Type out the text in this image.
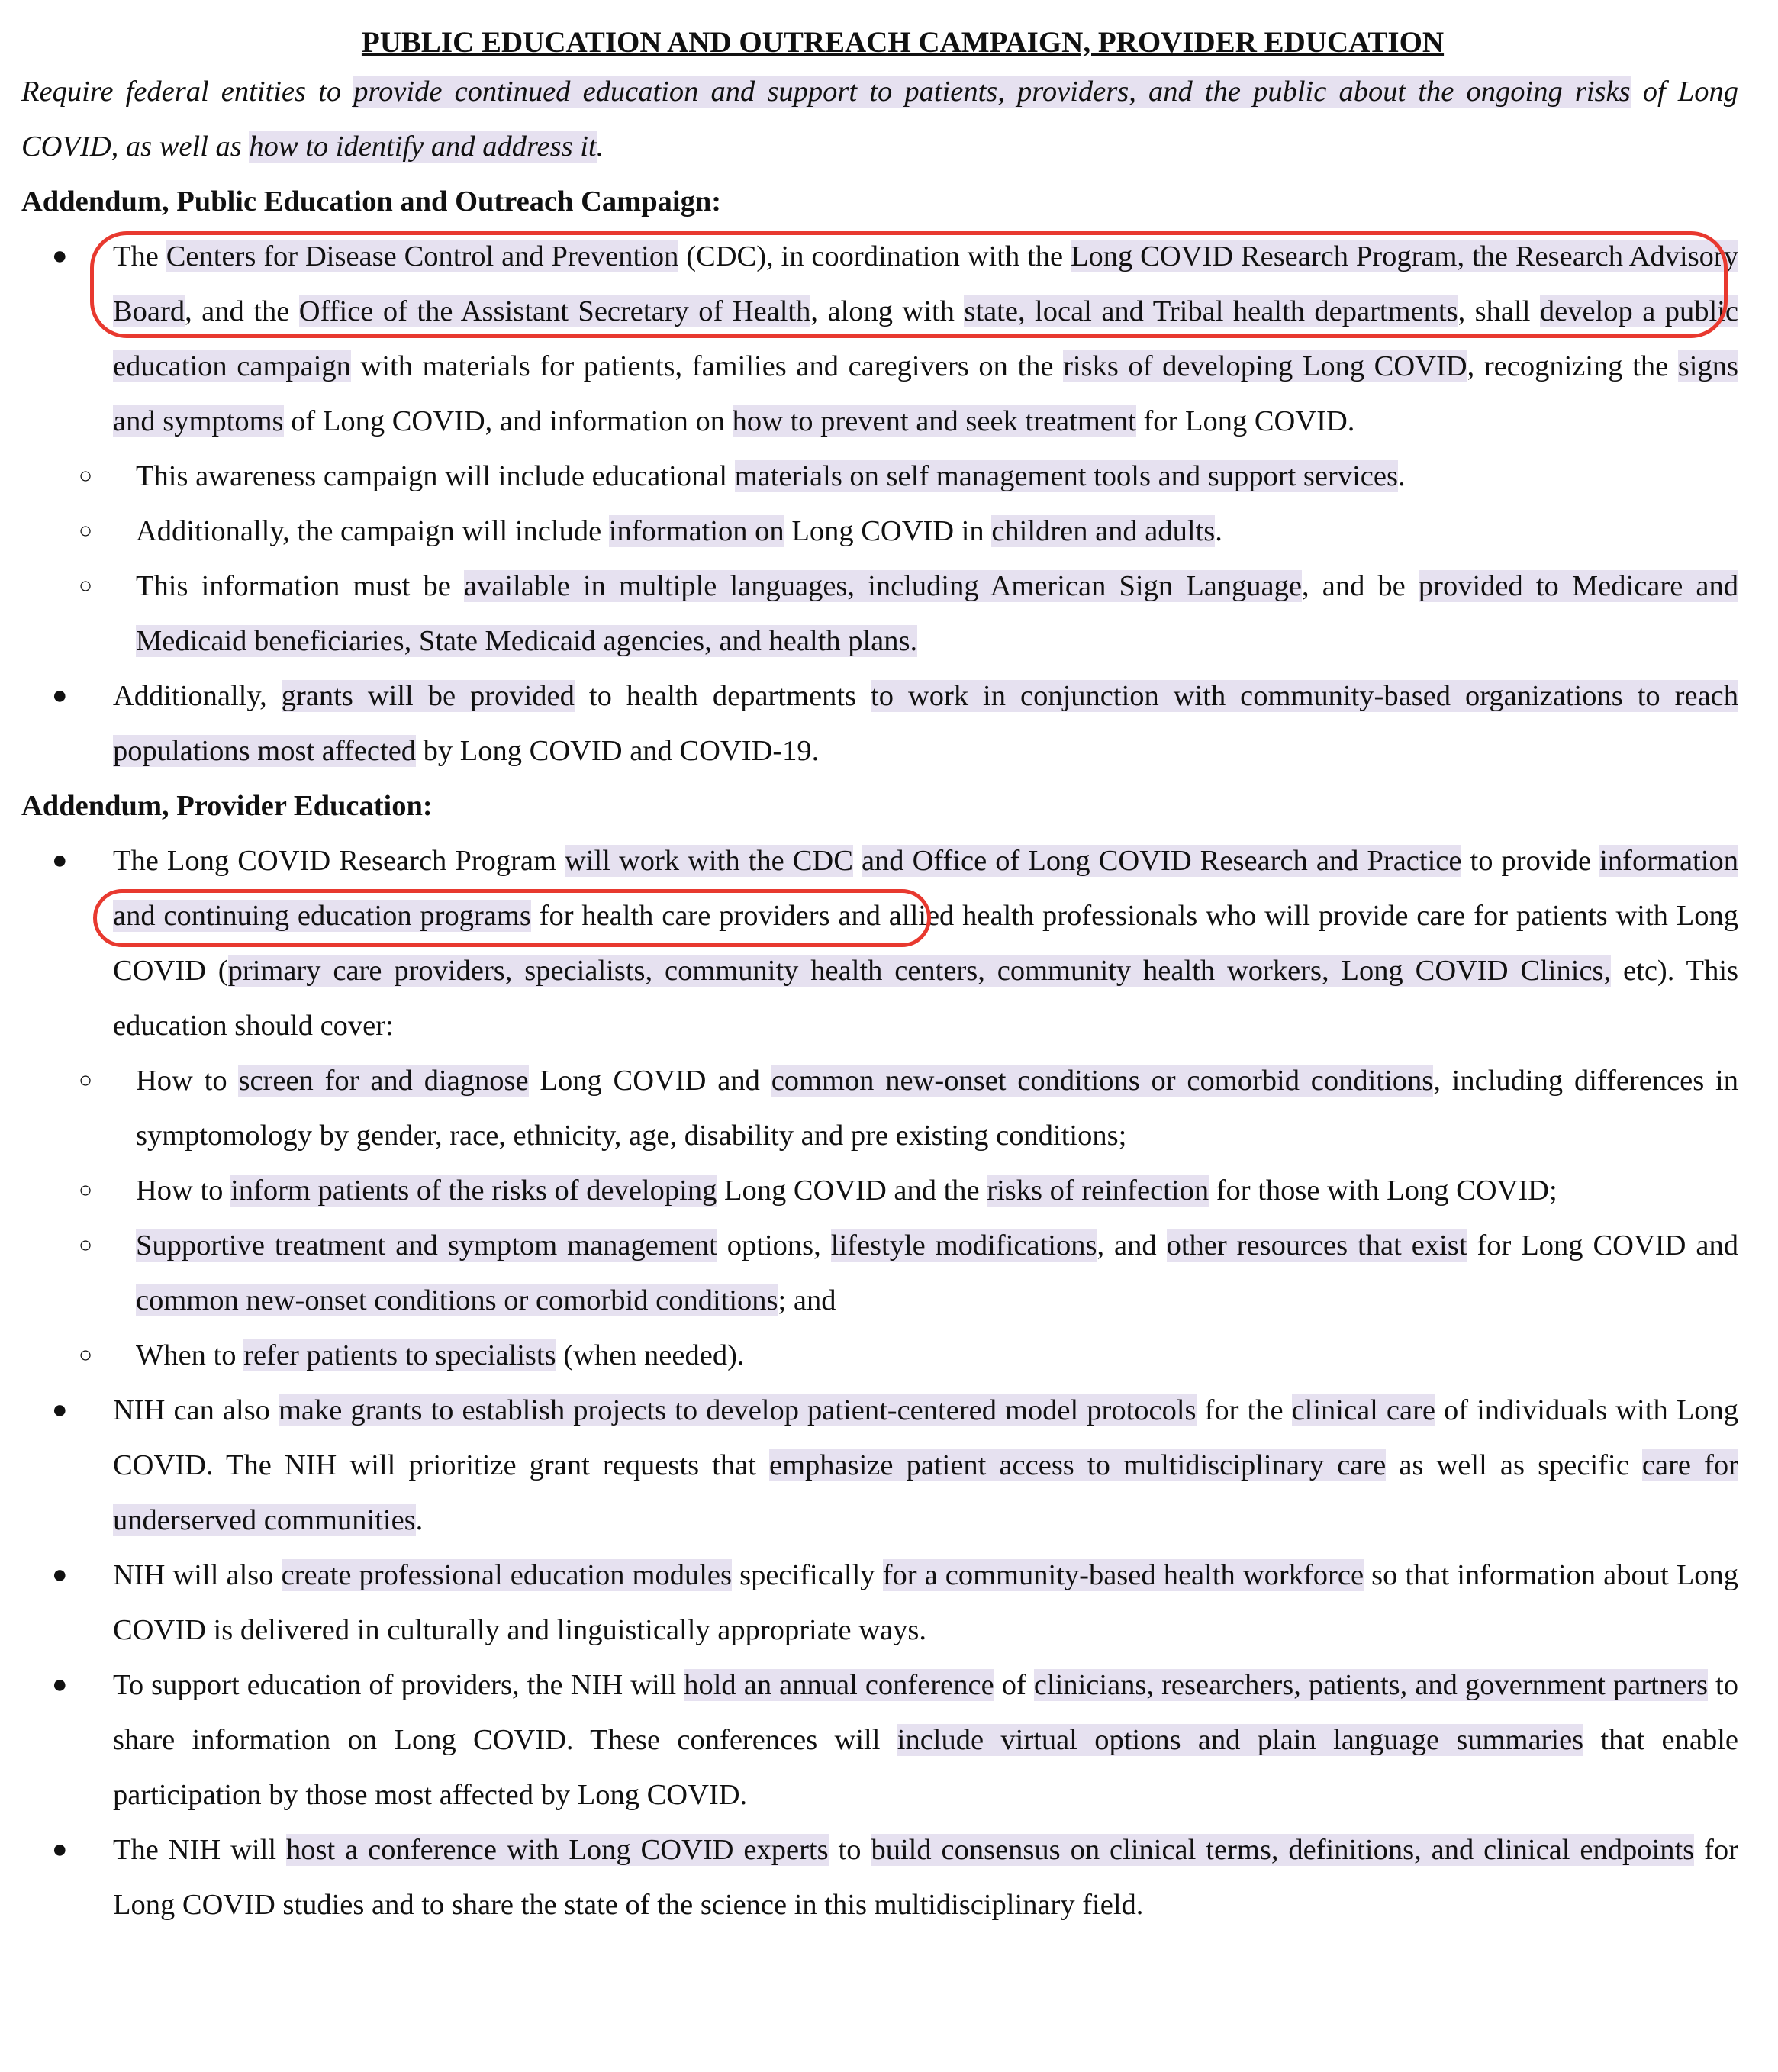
PUBLIC EDUCATION AND OUTREACH CAMPAIGN, PROVIDER EDUCATION
Require federal entities to provide continued education and support to patients, providers, and the public about the ongoing risks of Long COVID, as well as how to identify and address it.
Addendum, Public Education and Outreach Campaign:
● The Centers for Disease Control and Prevention (CDC), in coordination with the Long COVID Research Program, the Research Advisory Board, and the Office of the Assistant Secretary of Health, along with state, local and Tribal health departments, shall develop a public education campaign with materials for patients, families and caregivers on the risks of developing Long COVID, recognizing the signs and symptoms of Long COVID, and information on how to prevent and seek treatment for Long COVID.
○ This awareness campaign will include educational materials on self management tools and support services.
○ Additionally, the campaign will include information on Long COVID in children and adults.
○ This information must be available in multiple languages, including American Sign Language, and be provided to Medicare and Medicaid beneficiaries, State Medicaid agencies, and health plans.
● Additionally, grants will be provided to health departments to work in conjunction with community-based organizations to reach populations most affected by Long COVID and COVID-19.
Addendum, Provider Education:
● The Long COVID Research Program will work with the CDC and Office of Long COVID Research and Practice to provide information and continuing education programs for health care providers and allied health professionals who will provide care for patients with Long COVID (primary care providers, specialists, community health centers, community health workers, Long COVID Clinics, etc). This education should cover:
○ How to screen for and diagnose Long COVID and common new-onset conditions or comorbid conditions, including differences in symptomology by gender, race, ethnicity, age, disability and pre existing conditions;
○ How to inform patients of the risks of developing Long COVID and the risks of reinfection for those with Long COVID;
○ Supportive treatment and symptom management options, lifestyle modifications, and other resources that exist for Long COVID and common new-onset conditions or comorbid conditions; and
○ When to refer patients to specialists (when needed).
● NIH can also make grants to establish projects to develop patient-centered model protocols for the clinical care of individuals with Long COVID. The NIH will prioritize grant requests that emphasize patient access to multidisciplinary care as well as specific care for underserved communities.
● NIH will also create professional education modules specifically for a community-based health workforce so that information about Long COVID is delivered in culturally and linguistically appropriate ways.
● To support education of providers, the NIH will hold an annual conference of clinicians, researchers, patients, and government partners to share information on Long COVID. These conferences will include virtual options and plain language summaries that enable participation by those most affected by Long COVID.
● The NIH will host a conference with Long COVID experts to build consensus on clinical terms, definitions, and clinical endpoints for Long COVID studies and to share the state of the science in this multidisciplinary field.
